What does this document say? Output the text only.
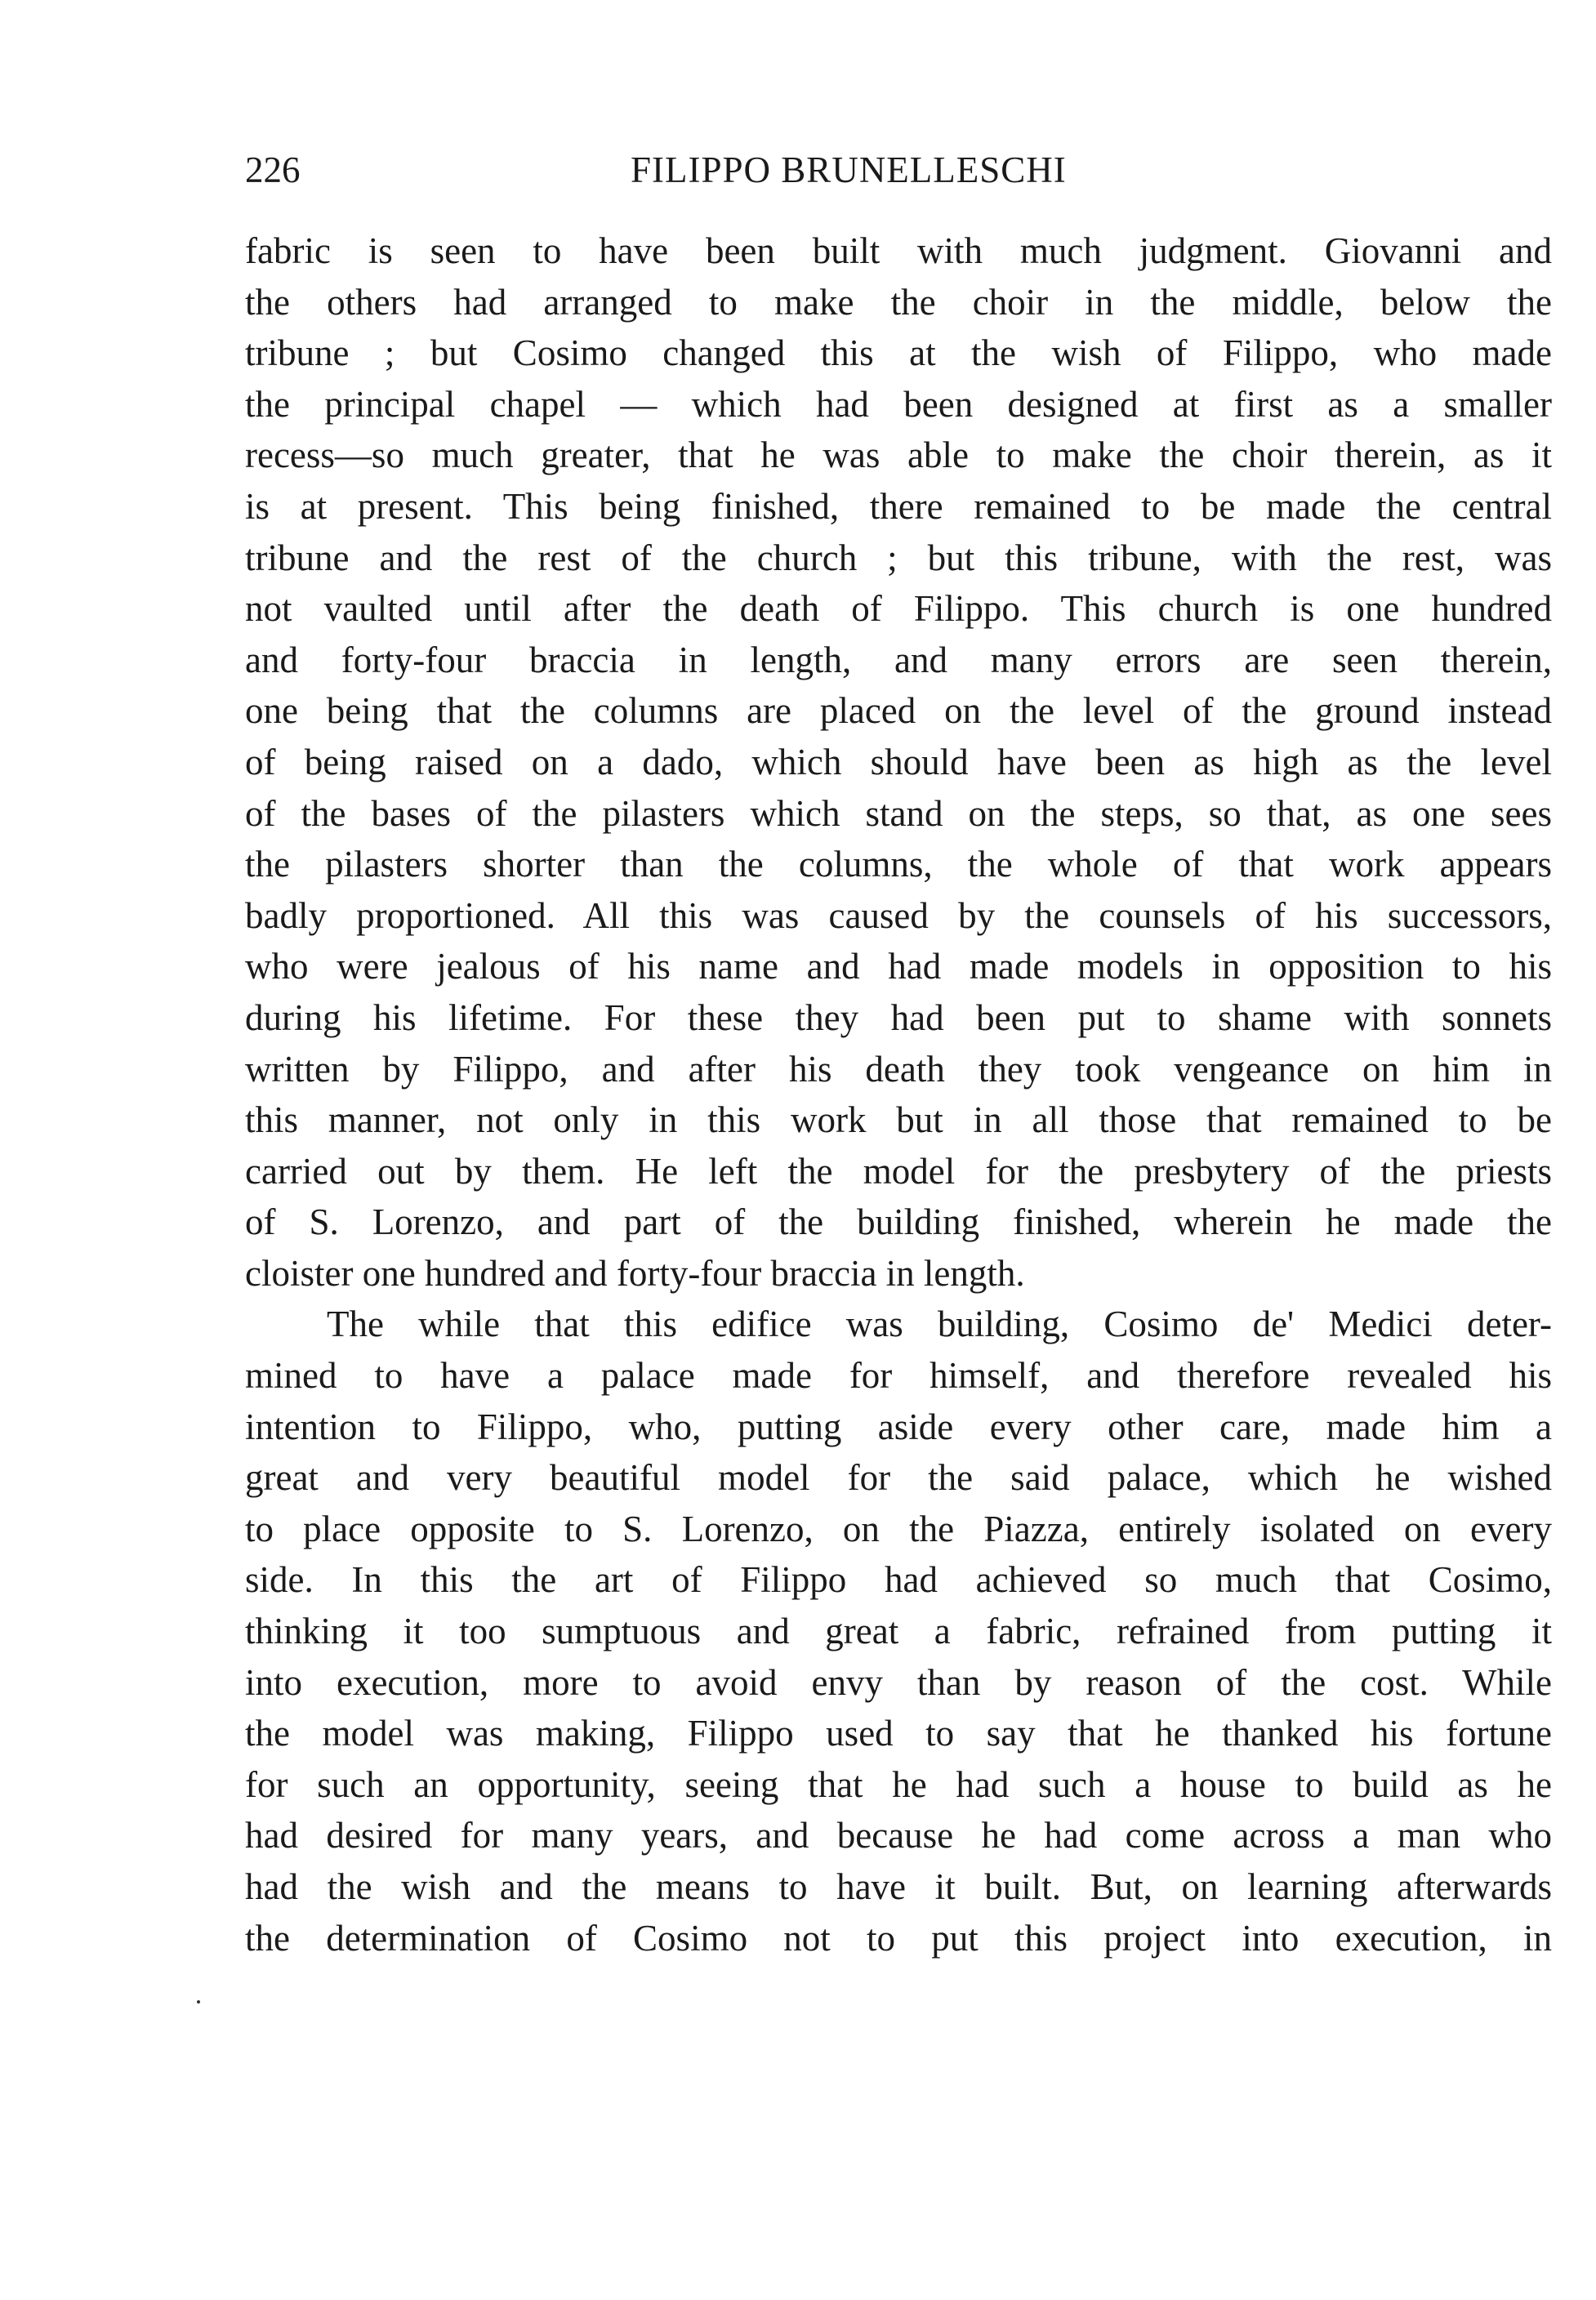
226	FILIPPO BRUNELLESCHI
fabric is seen to have been built with much judgment. Giovanni and
the others had arranged to make the choir in the middle, below the
tribune ; but Cosimo changed this at the wish of Filippo, who made
the principal chapel — which had been designed at first as a smaller
recess—so much greater, that he was able to make the choir therein, as it
is at present. This being finished, there remained to be made the central
tribune and the rest of the church ; but this tribune, with the rest, was
not vaulted until after the death of Filippo. This church is one hundred
and forty-four braccia in length, and many errors are seen therein,
one being that the columns are placed on the level of the ground instead
of being raised on a dado, which should have been as high as the level
of the bases of the pilasters which stand on the steps, so that, as one sees
the pilasters shorter than the columns, the whole of that work appears
badly proportioned. All this was caused by the counsels of his successors,
who were jealous of his name and had made models in opposition to his
during his lifetime. For these they had been put to shame with sonnets
written by Filippo, and after his death they took vengeance on him in
this manner, not only in this work but in all those that remained to be
carried out by them. He left the model for the presbytery of the priests
of S. Lorenzo, and part of the building finished, wherein he made the
cloister one hundred and forty-four braccia in length.
The while that this edifice was building, Cosimo de' Medici deter-
mined to have a palace made for himself, and therefore revealed his
intention to Filippo, who, putting aside every other care, made him a
great and very beautiful model for the said palace, which he wished
to place opposite to S. Lorenzo, on the Piazza, entirely isolated on every
side. In this the art of Filippo had achieved so much that Cosimo,
thinking it too sumptuous and great a fabric, refrained from putting it
into execution, more to avoid envy than by reason of the cost. While
the model was making, Filippo used to say that he thanked his fortune
for such an opportunity, seeing that he had such a house to build as he
had desired for many years, and because he had come across a man who
had the wish and the means to have it built. But, on learning afterwards
the determination of Cosimo not to put this project into execution, in
